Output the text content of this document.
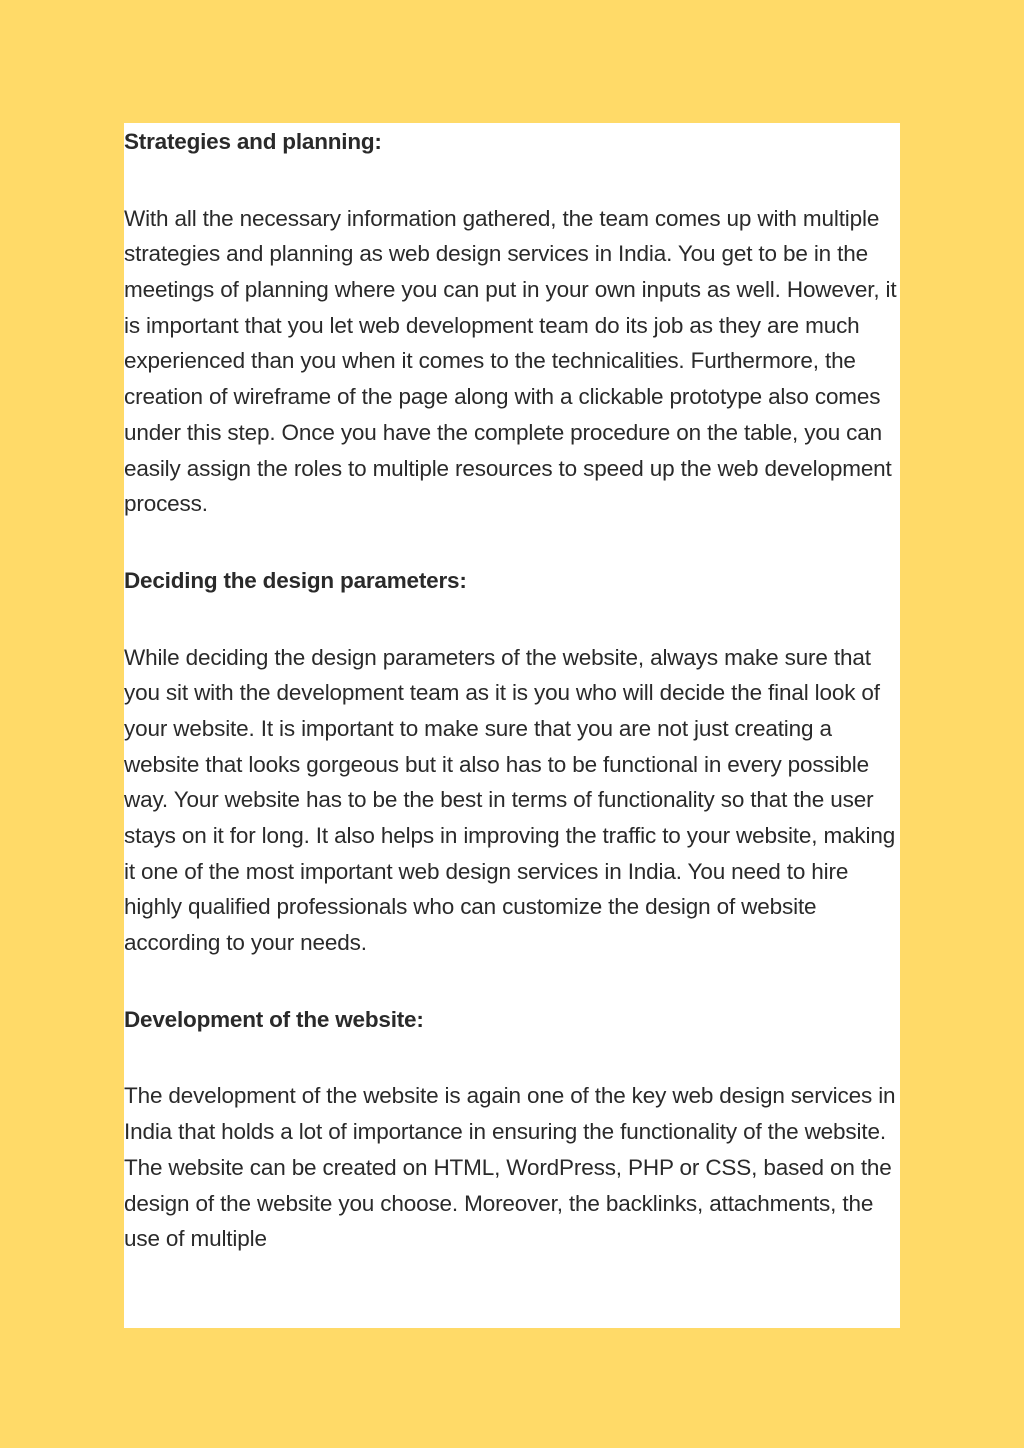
Strategies and planning:

With all the necessary information gathered, the team comes up with multiple strategies and planning as web design services in India. You get to be in the meetings of planning where you can put in your own inputs as well. However, it is important that you let web development team do its job as they are much experienced than you when it comes to the technicalities. Furthermore, the creation of wireframe of the page along with a clickable prototype also comes under this step. Once you have the complete procedure on the table, you can easily assign the roles to multiple resources to speed up the web development process.

Deciding the design parameters:

While deciding the design parameters of the website, always make sure that you sit with the development team as it is you who will decide the final look of your website. It is important to make sure that you are not just creating a website that looks gorgeous but it also has to be functional in every possible way. Your website has to be the best in terms of functionality so that the user stays on it for long. It also helps in improving the traffic to your website, making it one of the most important web design services in India. You need to hire highly qualified professionals who can customize the design of website according to your needs.

Development of the website:

The development of the website is again one of the key web design services in India that holds a lot of importance in ensuring the functionality of the website. The website can be created on HTML, WordPress, PHP or CSS, based on the design of the website you choose. Moreover, the backlinks, attachments, the use of multiple
